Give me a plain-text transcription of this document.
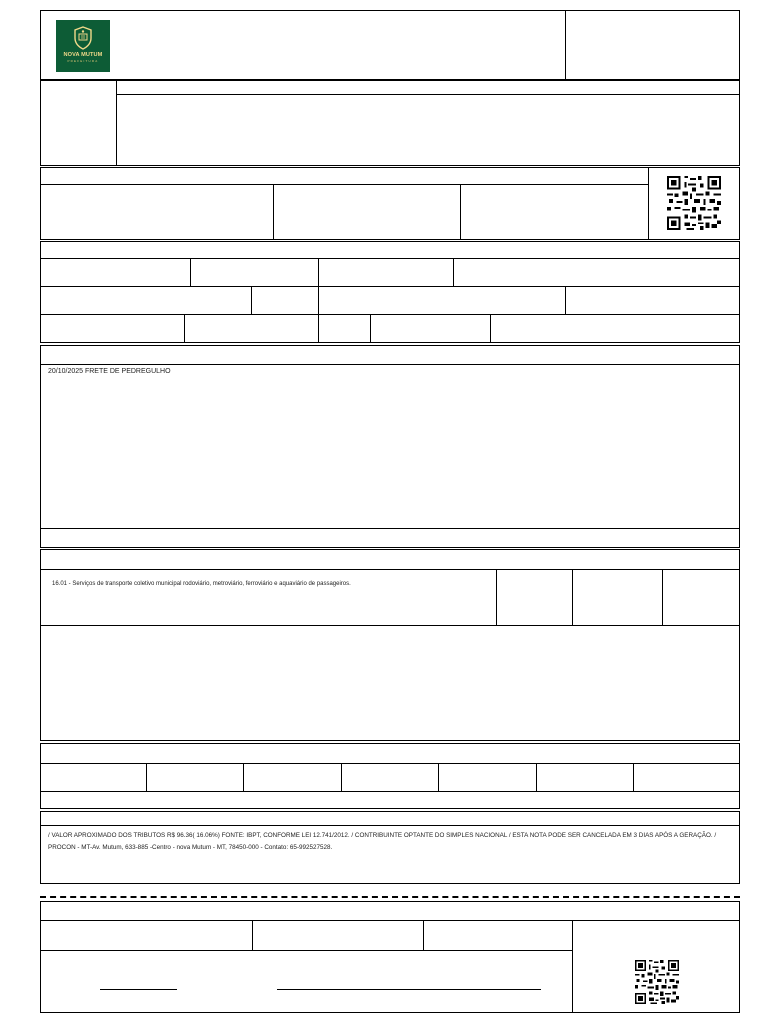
NOVA MUTUM
PREFEITURA
20/10/2025 FRETE DE PEDREGULHO
16.01 - Serviços de transporte coletivo municipal rodoviário, metroviário, ferroviário e aquaviário de passageiros.
/ VALOR APROXIMADO DOS TRIBUTOS R$ 96.36( 16.06%) FONTE: IBPT, CONFORME LEI 12.741/2012. / CONTRIBUINTE OPTANTE DO SIMPLES NACIONAL / ESTA NOTA PODE SER CANCELADA EM 3 DIAS APÓS A GERAÇÃO. / PROCON - MT-Av. Mutum, 633-885 -Centro - nova Mutum - MT, 78450-000 - Contato: 65-992527528.
